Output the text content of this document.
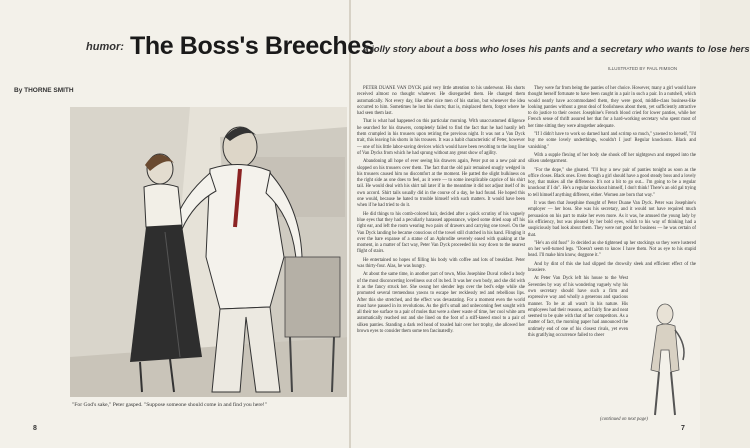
humor: The Boss's Breeches
A jolly story about a boss who loses his pants and a secretary who wants to lose hers
By THORNE SMITH
ILLUSTRATED BY PAUL RIMSON
"For God's sake," Peter gasped. "Suppose someone should come in and find you here!"

PETER DUANE VAN DYCK paid very little attention to his underwear. His shorts received almost no thought whatever. He disregarded them. He changed them automatically. Not every day, like other nice men of his station, but whenever the idea occurred to him. Sometimes he lost his shorts; that is, misplaced them, forgot where he had seen them last.

That is what had happened on this particular morning. With unaccustomed diligence he searched for his drawers, completely failed to find the fact that he had hastily left them crumpled in his trousers upon retiring the previous night. It was not a Van Dyck trait, this leaving his shorts in his trousers. It was a habit characteristic of Peter, however — one of his little labor-saving devices which would have been revolting to the long line of Van Dycks from which he had sprung without any great show of agility.

Abandoning all hope of ever seeing his drawers again, Peter put on a new pair and slopped on his trousers over them. The fact that the old pair remained snugly wedged in his trousers caused him no discomfort at the moment. He patted the slight bulkiness on the right side as one does to feel, as it were — to some inexplicable caprice of his shirt tail. He would deal with his shirt tail later if in the meantime it did not adjust itself of its own accord. Shirt tails usually did in the course of a day, he had found. He hoped this one would, because he hated to trouble himself with such matters. It would have been when if he had tried to do it.

He did things to his comb-colored hair, decided after a quick scrutiny of his vaguely blue eyes that they had a peculiarly harassed appearance, wiped some dried soap off his right ear, and left the room wearing two pairs of drawers and carrying one towel. On the Van Dyck landing he became conscious of the towel still clutched in his hand. Flinging it over the bare expanse of a statue of an Aphrodite severely eased with quaking at the moment, in a matter of fact way, Peter Van Dyck proceeded his way down to the nearest flight of stairs.

He entertained no hopes of filling his body with coffee and lots of breakfast. Peter was thirty-four. Alas, he was hungry.

At about the same time, in another part of town, Miss Josephine Duval rolled a body of the most disconcerting loveliness out of its bed. It was her own body, and she did with it as the fancy struck her. She swung her slender legs over the bed's edge while she promoted several tremendous yawns to escape her recklessly red and rebellious lips. After this she stretched, and the effect was devastating. For a moment even the world must have paused in its revolutions. As the girl's small and unbecoming feet sought with all their toe surface to a pair of mules that were a sheer waste of time, her cool white arm automatically reached out and she lined on the foot of a stiff-kneed stool to a pair of silken panties. Standing a dark red head of tousled hair over her trophy, she allowed her brown eyes to consider them some ten fascinatedly.

They were far from being the panties of her choice. However, many a girl would have thought herself fortunate to have been caught in a pair in such a pair. In a nutshell, which would nearly have accommodated them, they were good, middle-class business-like looking panties without a great deal of foolishness about them, yet sufficiently attractive to do justice to their owner. Josephine's French blood cried for lower panties, while her French sense of thrift assured her that for a hard-working secretary who spent most of her time sitting they were altogether adequate.

"If I didn't have to work so darned hard and scrimp so much," yawned to herself, "I'd buy me some lovely underthings, wouldn't I just! Regular knockouts. Black and vanishing."

With a supple flexing of her body she shook off her nightgown and stepped into the silken undergarment.

"For the dope," she gloated. "I'll buy a new pair of panties tonight as soon as the office closes. Black ones. Even though a girl should have a good steady boss and a lovely boy, that makes all the difference. It's not a bit to go out... I'm going to be a regular knockout if I do". He's a regular knockout himself, I don't think! There's an old gal trying to tell himself anything different, either. Women are born that way."

It was then that Josephine thought of Peter Duane Van Dyck. Peter was Josephine's employer — her boss. She was his secretary, and it would not have required much persuasion on his part to make her even more. As it was, he amused the young lady by his efficiency, but was pleased by her bold eyes, which to his way of thinking had a suspiciously bad look about them. They were not good for business — he was certain of that.

"He's an old fuss!" Jo decided as she tightened up her stockings so they were lustered on her well-turned legs. "Doesn't seem to know I have them. Not as eye to his stupid head. I'll make him know, doggone it."

And by dint of this she had slipped the drowsily sleek and efficient effect of the brassiere.

At Peter Van Dyck left his house to the West Seventies by way of his wondering vaguely why his own secretary should have such a firm and expressive way and wholly a generous and spacious manner. To be at all wasn't in his nature. His employees had their reasons, and fairly fine and neat seemed to be quite with that of her competitors. As a matter of fact, the morning paper had announced the untimely end of one of his closest rivals, yet even this gratifying occurrence failed to cheer

(continued on next page)
8	7
